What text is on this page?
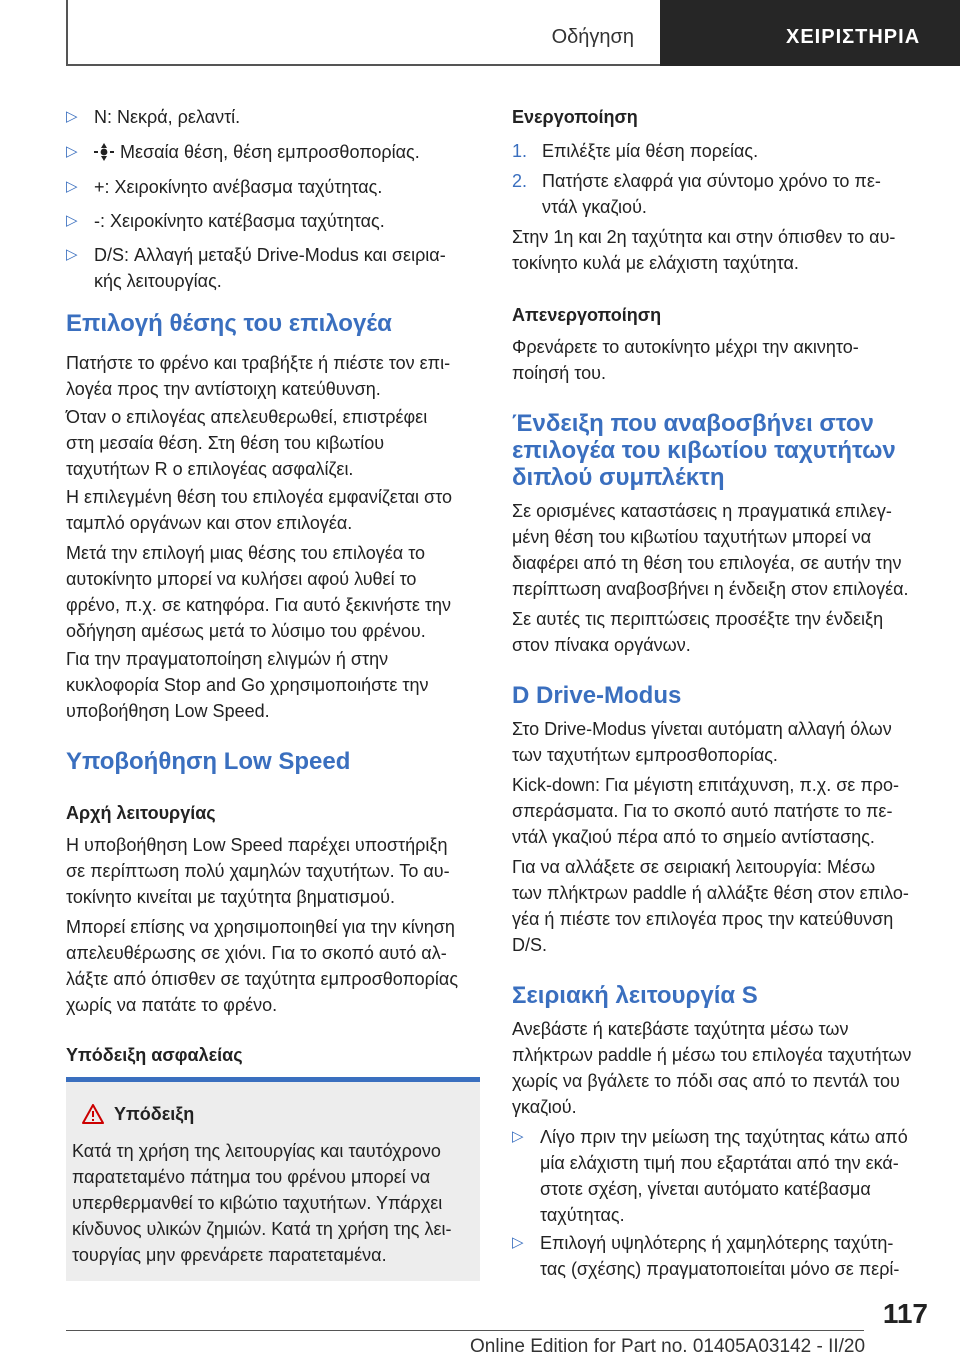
Οδήγηση	ΧΕΙΡΙΣΤΗΡΙΑ
▷ N: Νεκρά, ρελαντί.
▷ Μεσαία θέση, θέση εμπροσθοπορίας.
▷ +: Χειροκίνητο ανέβασμα ταχύτητας.
▷ -: Χειροκίνητο κατέβασμα ταχύτητας.
▷ D/S: Αλλαγή μεταξύ Drive-Modus και σειρια-
κής λειτουργίας.
Επιλογή θέσης του επιλογέα
Πατήστε το φρένο και τραβήξτε ή πιέστε τον επι-
λογέα προς την αντίστοιχη κατεύθυνση.
Όταν ο επιλογέας απελευθερωθεί, επιστρέφει
στη μεσαία θέση. Στη θέση του κιβωτίου
ταχυτήτων R ο επιλογέας ασφαλίζει.
Η επιλεγμένη θέση του επιλογέα εμφανίζεται στο
ταμπλό οργάνων και στον επιλογέα.
Μετά την επιλογή μιας θέσης του επιλογέα το
αυτοκίνητο μπορεί να κυλήσει αφού λυθεί το
φρένο, π.χ. σε κατηφόρα. Για αυτό ξεκινήστε την
οδήγηση αμέσως μετά το λύσιμο του φρένου.
Για την πραγματοποίηση ελιγμών ή στην
κυκλοφορία Stop and Go χρησιμοποιήστε την
υποβοήθηση Low Speed.
Υποβοήθηση Low Speed
Αρχή λειτουργίας
Η υποβοήθηση Low Speed παρέχει υποστήριξη
σε περίπτωση πολύ χαμηλών ταχυτήτων. Το αυ-
τοκίνητο κινείται με ταχύτητα βηματισμού.
Μπορεί επίσης να χρησιμοποιηθεί για την κίνηση
απελευθέρωσης σε χιόνι. Για το σκοπό αυτό αλ-
λάξτε από όπισθεν σε ταχύτητα εμπροσθοπορίας
χωρίς να πατάτε το φρένο.
Υπόδειξη ασφαλείας
Υπόδειξη
Κατά τη χρήση της λειτουργίας και ταυτόχρονο
παρατεταμένο πάτημα του φρένου μπορεί να
υπερθερμανθεί το κιβώτιο ταχυτήτων. Υπάρχει
κίνδυνος υλικών ζημιών. Κατά τη χρήση της λει-
τουργίας μην φρενάρετε παρατεταμένα.
Ενεργοποίηση
1. Επιλέξτε μία θέση πορείας.
2. Πατήστε ελαφρά για σύντομο χρόνο το πε-
ντάλ γκαζιού.
Στην 1η και 2η ταχύτητα και στην όπισθεν το αυ-
τοκίνητο κυλά με ελάχιστη ταχύτητα.
Απενεργοποίηση
Φρενάρετε το αυτοκίνητο μέχρι την ακινητο-
ποίησή του.
Ένδειξη που αναβοσβήνει στον
επιλογέα του κιβωτίου ταχυτήτων
διπλού συμπλέκτη
Σε ορισμένες καταστάσεις η πραγματικά επιλεγ-
μένη θέση του κιβωτίου ταχυτήτων μπορεί να
διαφέρει από τη θέση του επιλογέα, σε αυτήν την
περίπτωση αναβοσβήνει η ένδειξη στον επιλογέα.
Σε αυτές τις περιπτώσεις προσέξτε την ένδειξη
στον πίνακα οργάνων.
D Drive-Modus
Στο Drive-Modus γίνεται αυτόματη αλλαγή όλων
των ταχυτήτων εμπροσθοπορίας.
Kick-down: Για μέγιστη επιτάχυνση, π.χ. σε προ-
σπεράσματα. Για το σκοπό αυτό πατήστε το πε-
ντάλ γκαζιού πέρα από το σημείο αντίστασης.
Για να αλλάξετε σε σειριακή λειτουργία: Μέσω
των πλήκτρων paddle ή αλλάξτε θέση στον επιλο-
γέα ή πιέστε τον επιλογέα προς την κατεύθυνση
D/S.
Σειριακή λειτουργία S
Ανεβάστε ή κατεβάστε ταχύτητα μέσω των
πλήκτρων paddle ή μέσω του επιλογέα ταχυτήτων
χωρίς να βγάλετε το πόδι σας από το πεντάλ του
γκαζιού.
▷ Λίγο πριν την μείωση της ταχύτητας κάτω από
μία ελάχιστη τιμή που εξαρτάται από την εκά-
στοτε σχέση, γίνεται αυτόματο κατέβασμα
ταχύτητας.
▷ Επιλογή υψηλότερης ή χαμηλότερης ταχύτη-
τας (σχέσης) πραγματοποιείται μόνο σε περί-
117
Online Edition for Part no. 01405A03142 - II/20
